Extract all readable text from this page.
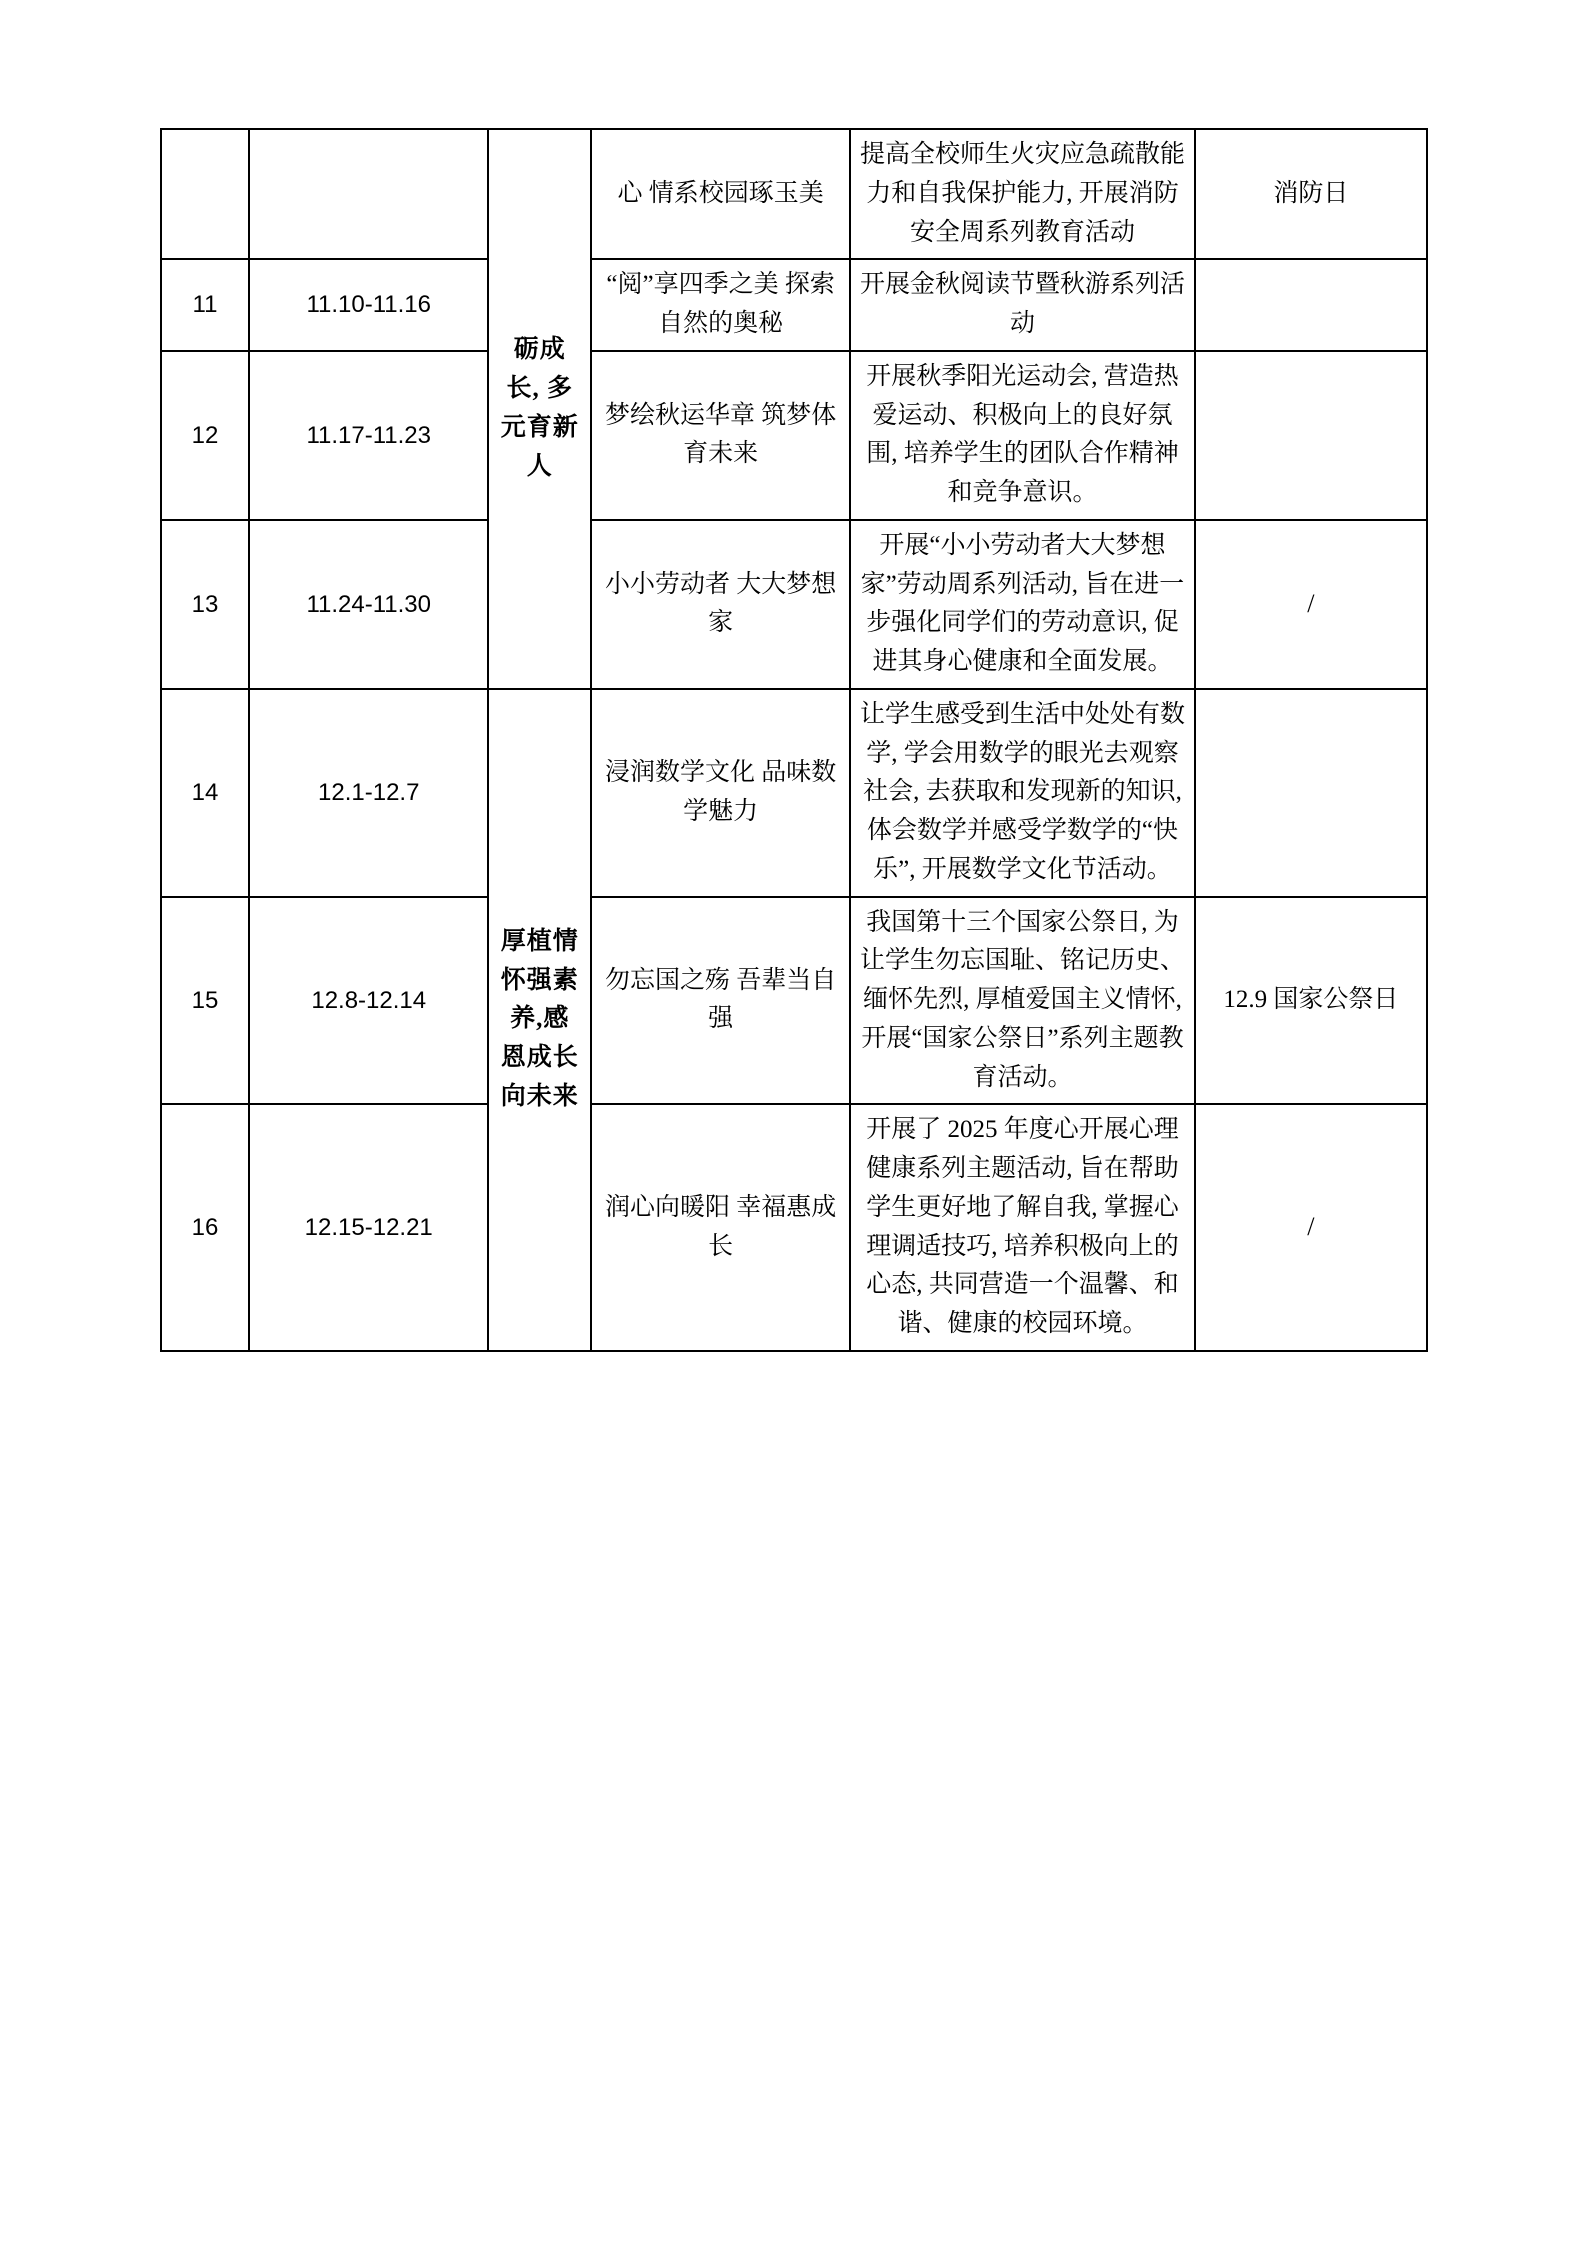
		砺成长, 多元育新人	心 情系校园琢玉美	提高全校师生火灾应急疏散能力和自我保护能力, 开展消防安全周系列教育活动	消防日
11	11.10-11.16		“阅”享四季之美 探索自然的奥秘	开展金秋阅读节暨秋游系列活动	
12	11.17-11.23		梦绘秋运华章 筑梦体育未来	开展秋季阳光运动会, 营造热爱运动、积极向上的良好氛围, 培养学生的团队合作精神和竞争意识。	
13	11.24-11.30		小小劳动者 大大梦想家	开展“小小劳动者大大梦想家”劳动周系列活动, 旨在进一步强化同学们的劳动意识, 促进其身心健康和全面发展。	/
14	12.1-12.7	厚植情怀强素养,感恩成长向未来	浸润数学文化 品味数学魅力	让学生感受到生活中处处有数学, 学会用数学的眼光去观察社会, 去获取和发现新的知识, 体会数学并感受学数学的“快乐”, 开展数学文化节活动。	
15	12.8-12.14		勿忘国之殇 吾辈当自强	我国第十三个国家公祭日, 为让学生勿忘国耻、铭记历史、缅怀先烈, 厚植爱国主义情怀, 开展“国家公祭日”系列主题教育活动。	12.9 国家公祭日
16	12.15-12.21		润心向暖阳 幸福惠成长	开展了 2025 年度心开展心理健康系列主题活动, 旨在帮助学生更好地了解自我, 掌握心理调适技巧, 培养积极向上的心态, 共同营造一个温馨、和谐、健康的校园环境。	/
